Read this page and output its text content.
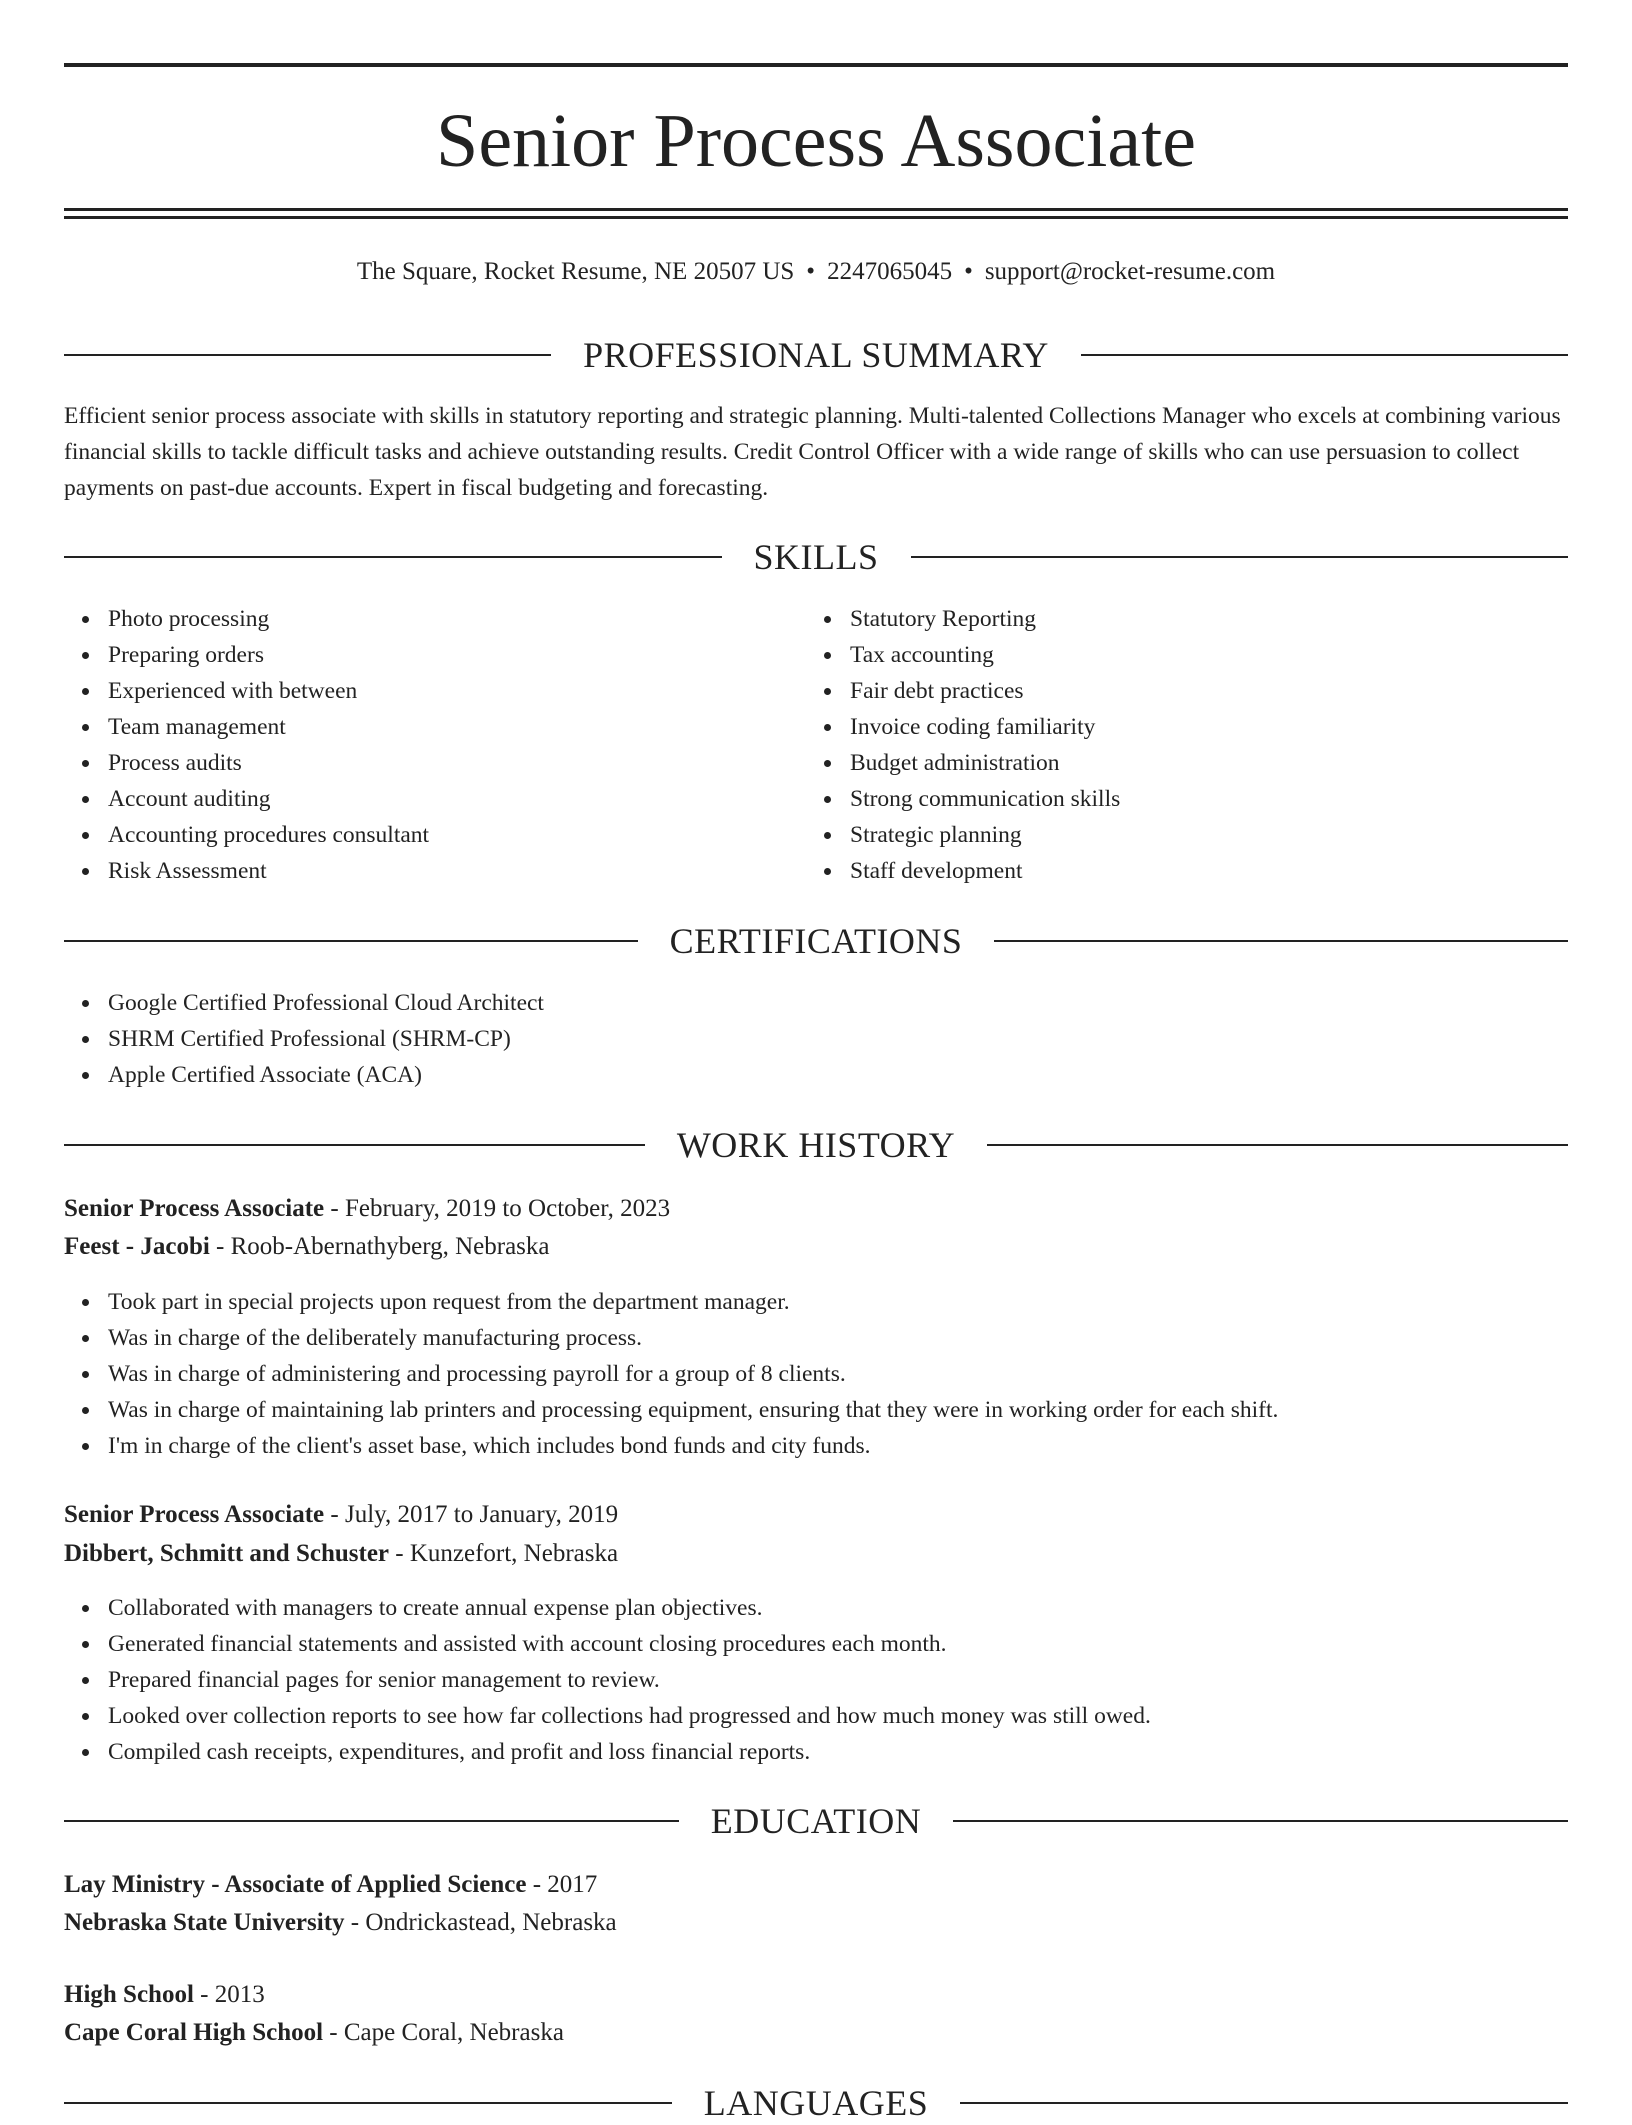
Senior Process Associate
The Square, Rocket Resume, NE 20507 US • 2247065045 • support@rocket-resume.com
PROFESSIONAL SUMMARY

Efficient senior process associate with skills in statutory reporting and strategic planning. Multi-talented Collections Manager who excels at combining various financial skills to tackle difficult tasks and achieve outstanding results. Credit Control Officer with a wide range of skills who can use persuasion to collect payments on past-due accounts. Expert in fiscal budgeting and forecasting.

SKILLS
Photo processing
Preparing orders
Experienced with between
Team management
Process audits
Account auditing
Accounting procedures consultant
Risk Assessment
Statutory Reporting
Tax accounting
Fair debt practices
Invoice coding familiarity
Budget administration
Strong communication skills
Strategic planning
Staff development
CERTIFICATIONS
Google Certified Professional Cloud Architect
SHRM Certified Professional (SHRM-CP)
Apple Certified Associate (ACA)
WORK HISTORY
Senior Process Associate - February, 2019 to October, 2023
Feest - Jacobi - Roob-Abernathyberg, Nebraska
Took part in special projects upon request from the department manager.
Was in charge of the deliberately manufacturing process.
Was in charge of administering and processing payroll for a group of 8 clients.
Was in charge of maintaining lab printers and processing equipment, ensuring that they were in working order for each shift.
I'm in charge of the client's asset base, which includes bond funds and city funds.
Senior Process Associate - July, 2017 to January, 2019
Dibbert, Schmitt and Schuster - Kunzefort, Nebraska
Collaborated with managers to create annual expense plan objectives.
Generated financial statements and assisted with account closing procedures each month.
Prepared financial pages for senior management to review.
Looked over collection reports to see how far collections had progressed and how much money was still owed.
Compiled cash receipts, expenditures, and profit and loss financial reports.
EDUCATION
Lay Ministry - Associate of Applied Science - 2017
Nebraska State University - Ondrickastead, Nebraska
High School - 2013
Cape Coral High School - Cape Coral, Nebraska
LANGUAGES
